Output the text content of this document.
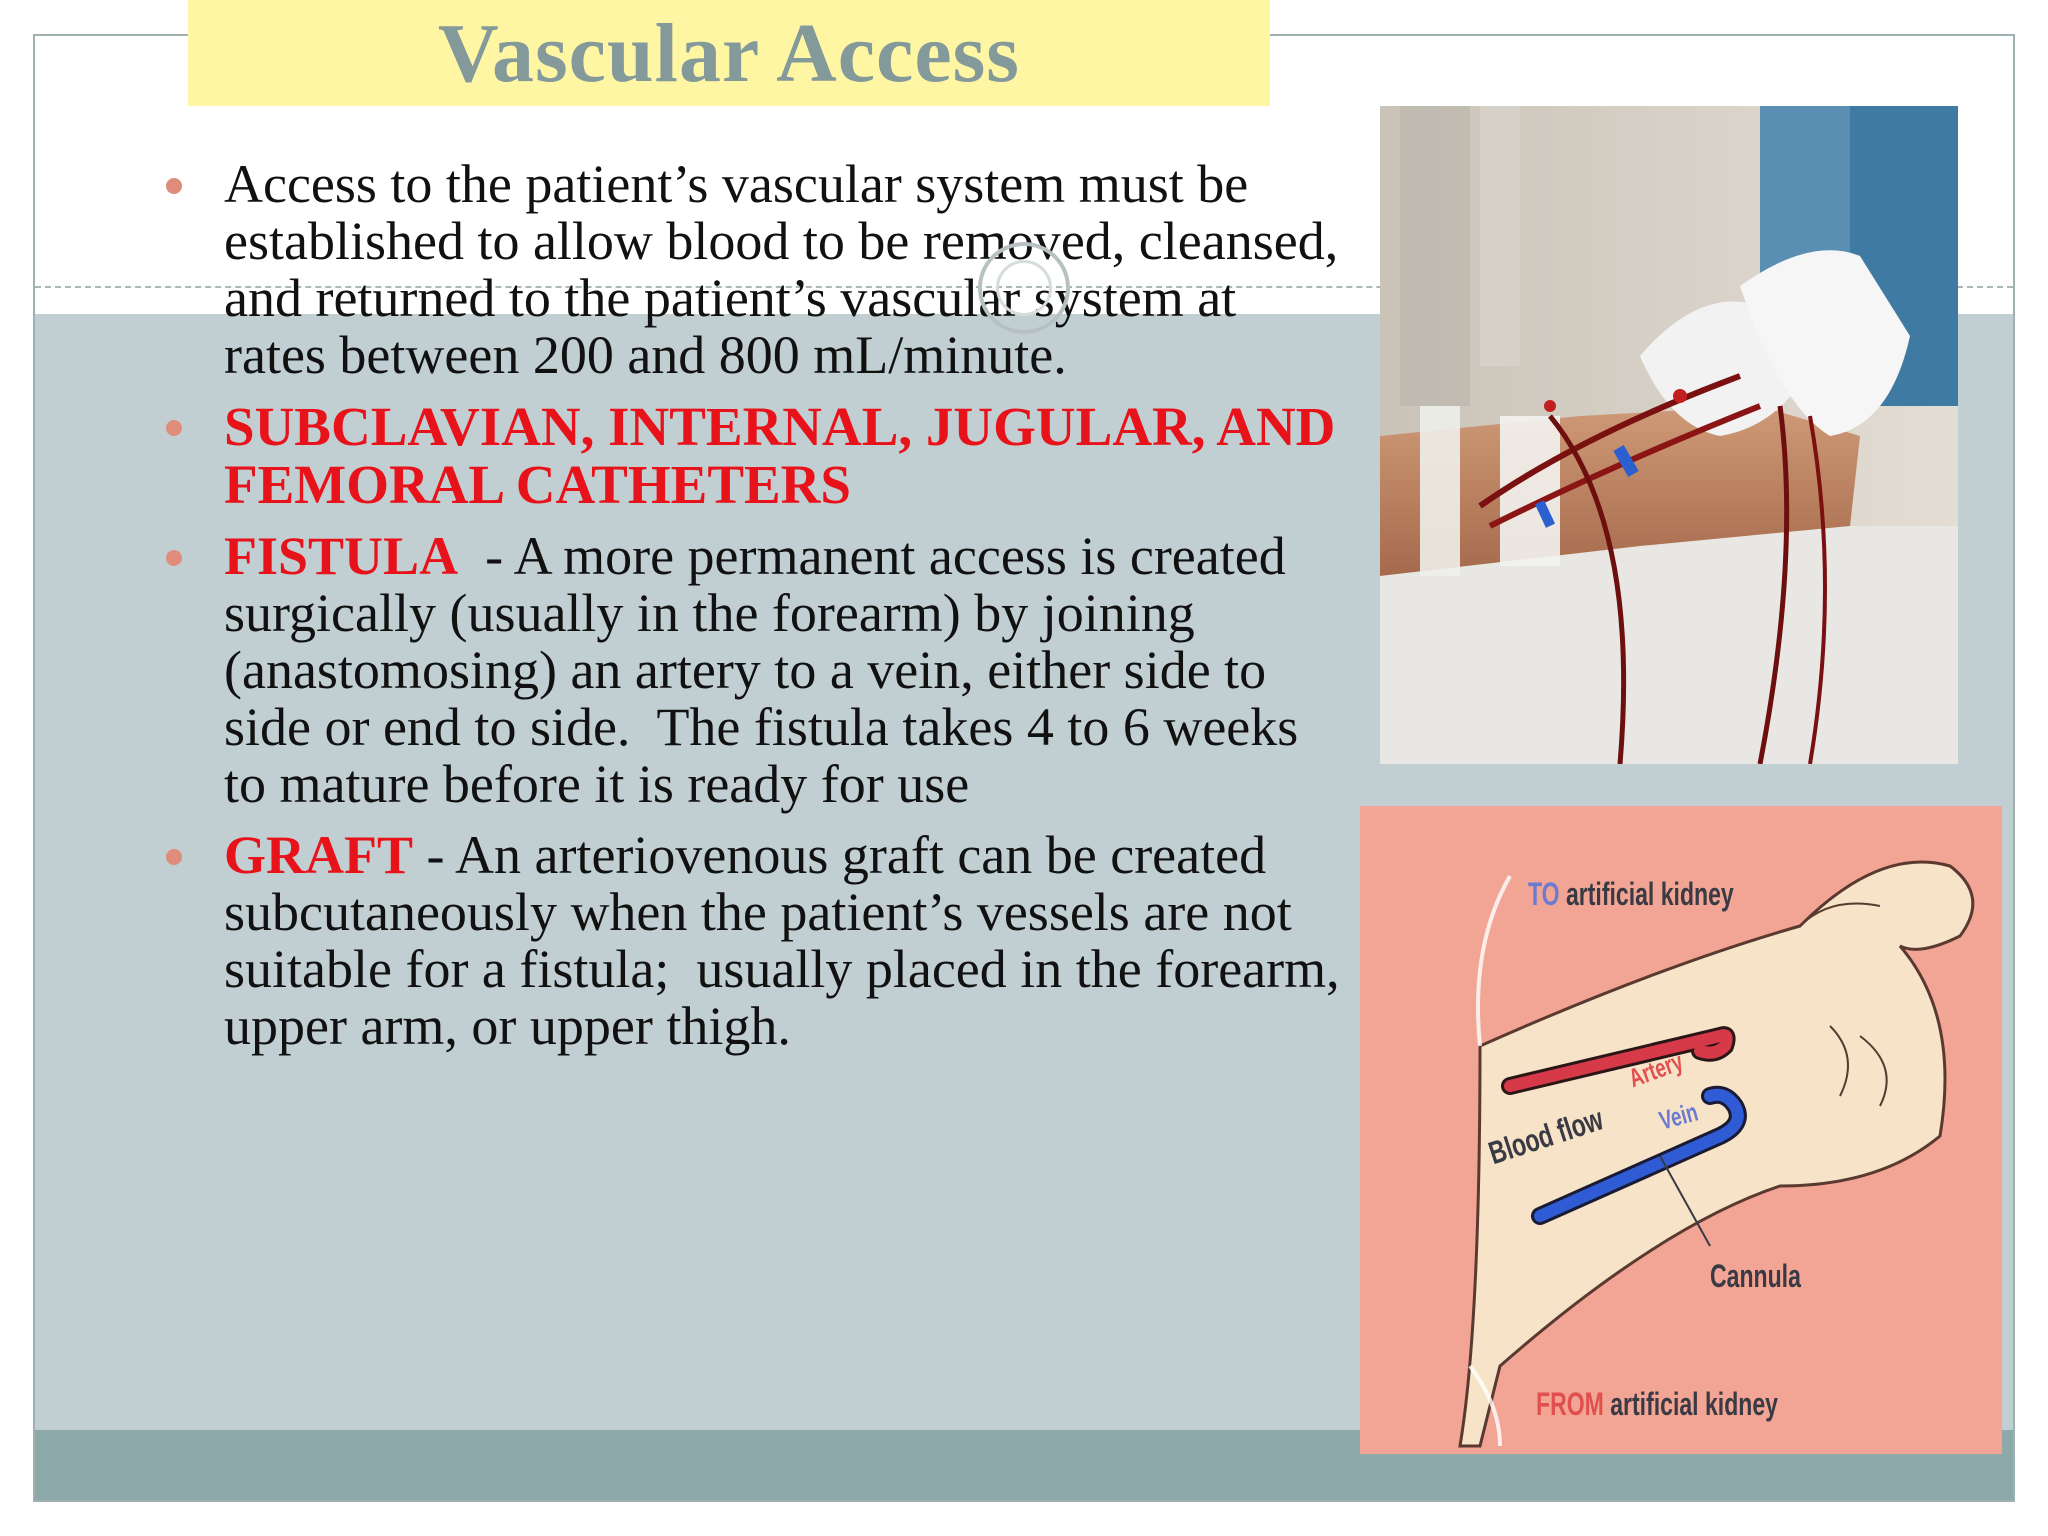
Vascular Access
Access to the patient’s vascular system must be established to allow blood to be removed, cleansed, and returned to the patient’s vascular system at rates between 200 and 800 mL/minute.
SUBCLAVIAN, INTERNAL, JUGULAR, AND FEMORAL CATHETERS
FISTULA  - A more permanent access is created surgically (usually in the forearm) by joining (anastomosing) an artery to a vein, either side to side or end to side.  The fistula takes 4 to 6 weeks to mature before it is ready for use
GRAFT - An arteriovenous graft can be created subcutaneously when the patient’s vessels are not suitable for a fistula;  usually placed in the forearm, upper arm, or upper thigh.
TO artificial kidney
Artery
Vein
Blood flow
Cannula
FROM artificial kidney
